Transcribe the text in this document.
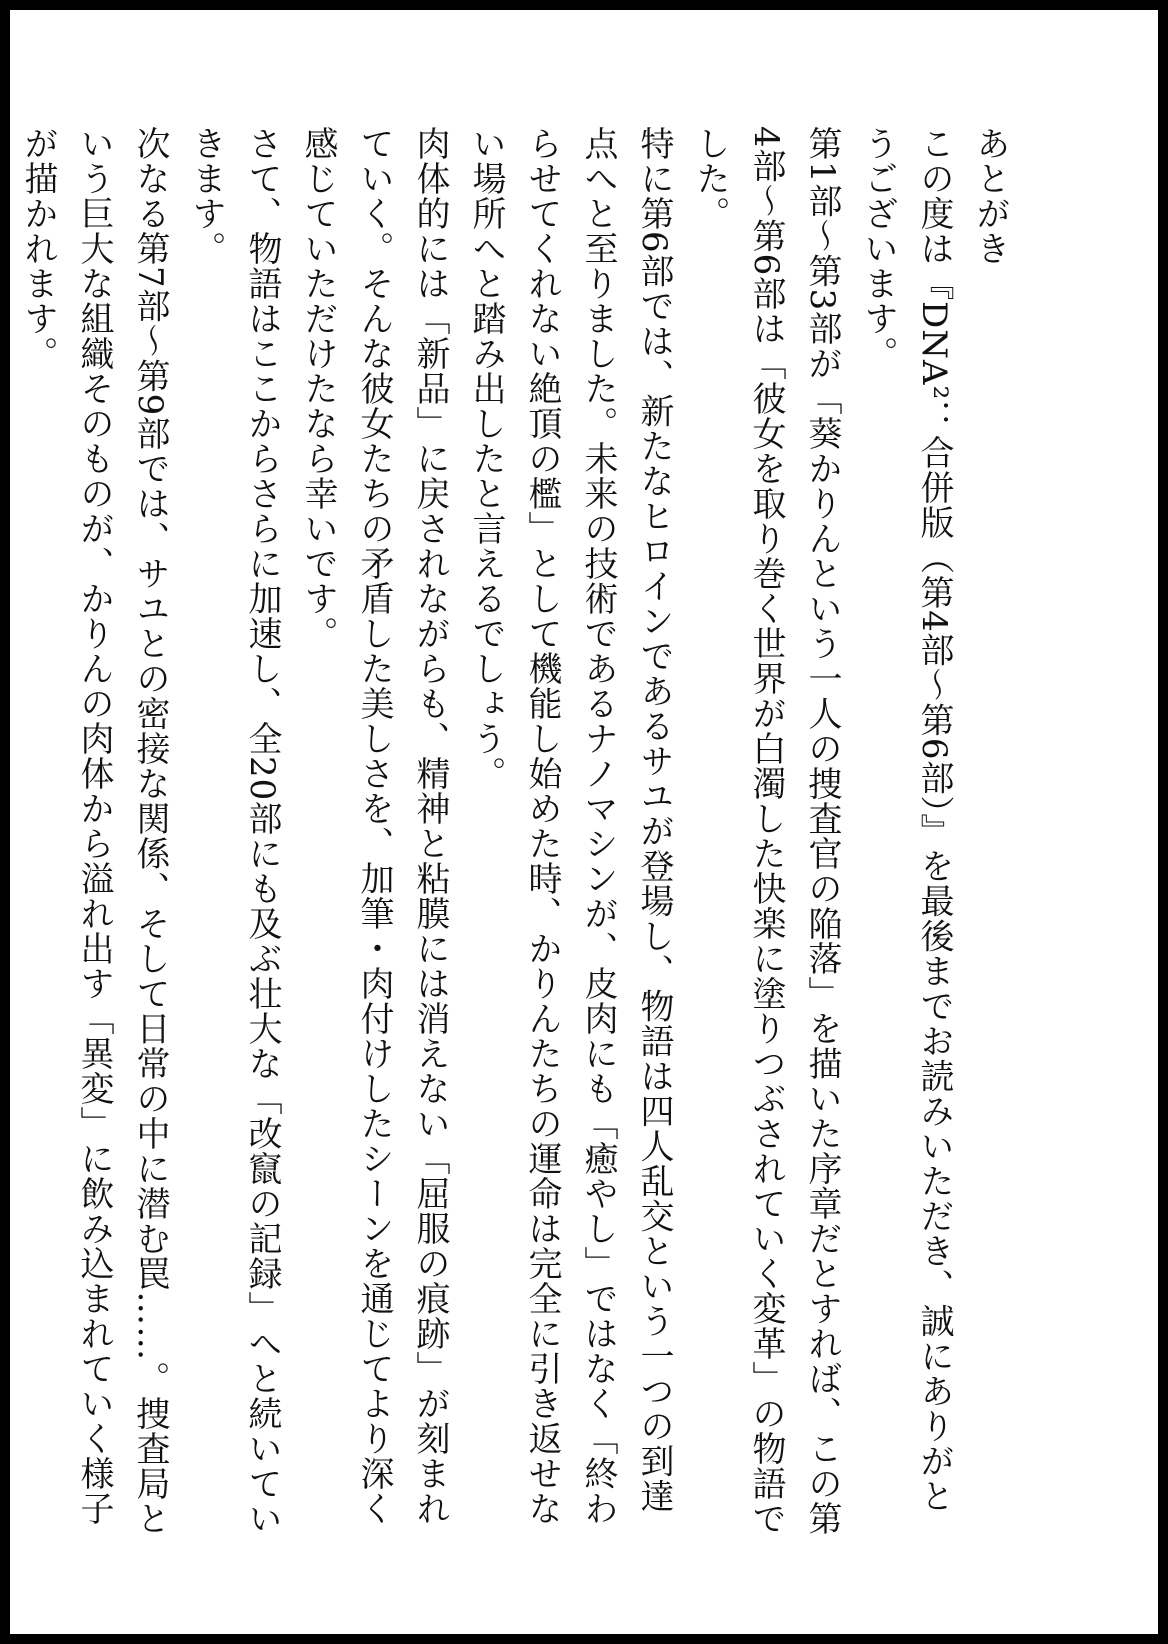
あとがき

この度は『DNA²：合併版（第4部～第6部）』を最後までお読みいただき、誠にありがとうございます。

第1部～第3部が「葵かりんという一人の捜査官の陥落」を描いた序章だとすれば、この第4部～第6部は「彼女を取り巻く世界が白濁した快楽に塗りつぶされていく変革」の物語でした。

特に第6部では、新たなヒロインであるサユが登場し、物語は四人乱交という一つの到達点へと至りました。未来の技術であるナノマシンが、皮肉にも「癒やし」ではなく「終わらせてくれない絶頂の檻」として機能し始めた時、かりんたちの運命は完全に引き返せない場所へと踏み出したと言えるでしょう。

肉体的には「新品」に戻されながらも、精神と粘膜には消えない「屈服の痕跡」が刻まれていく。そんな彼女たちの矛盾した美しさを、加筆・肉付けしたシーンを通じてより深く感じていただけたなら幸いです。

さて、物語はここからさらに加速し、全20部にも及ぶ壮大な「改竄の記録」へと続いていきます。

次なる第7部～第9部では、サユとの密接な関係、そして日常の中に潜む罠……。捜査局という巨大な組織そのものが、かりんの肉体から溢れ出す「異変」に飲み込まれていく様子が描かれます。
